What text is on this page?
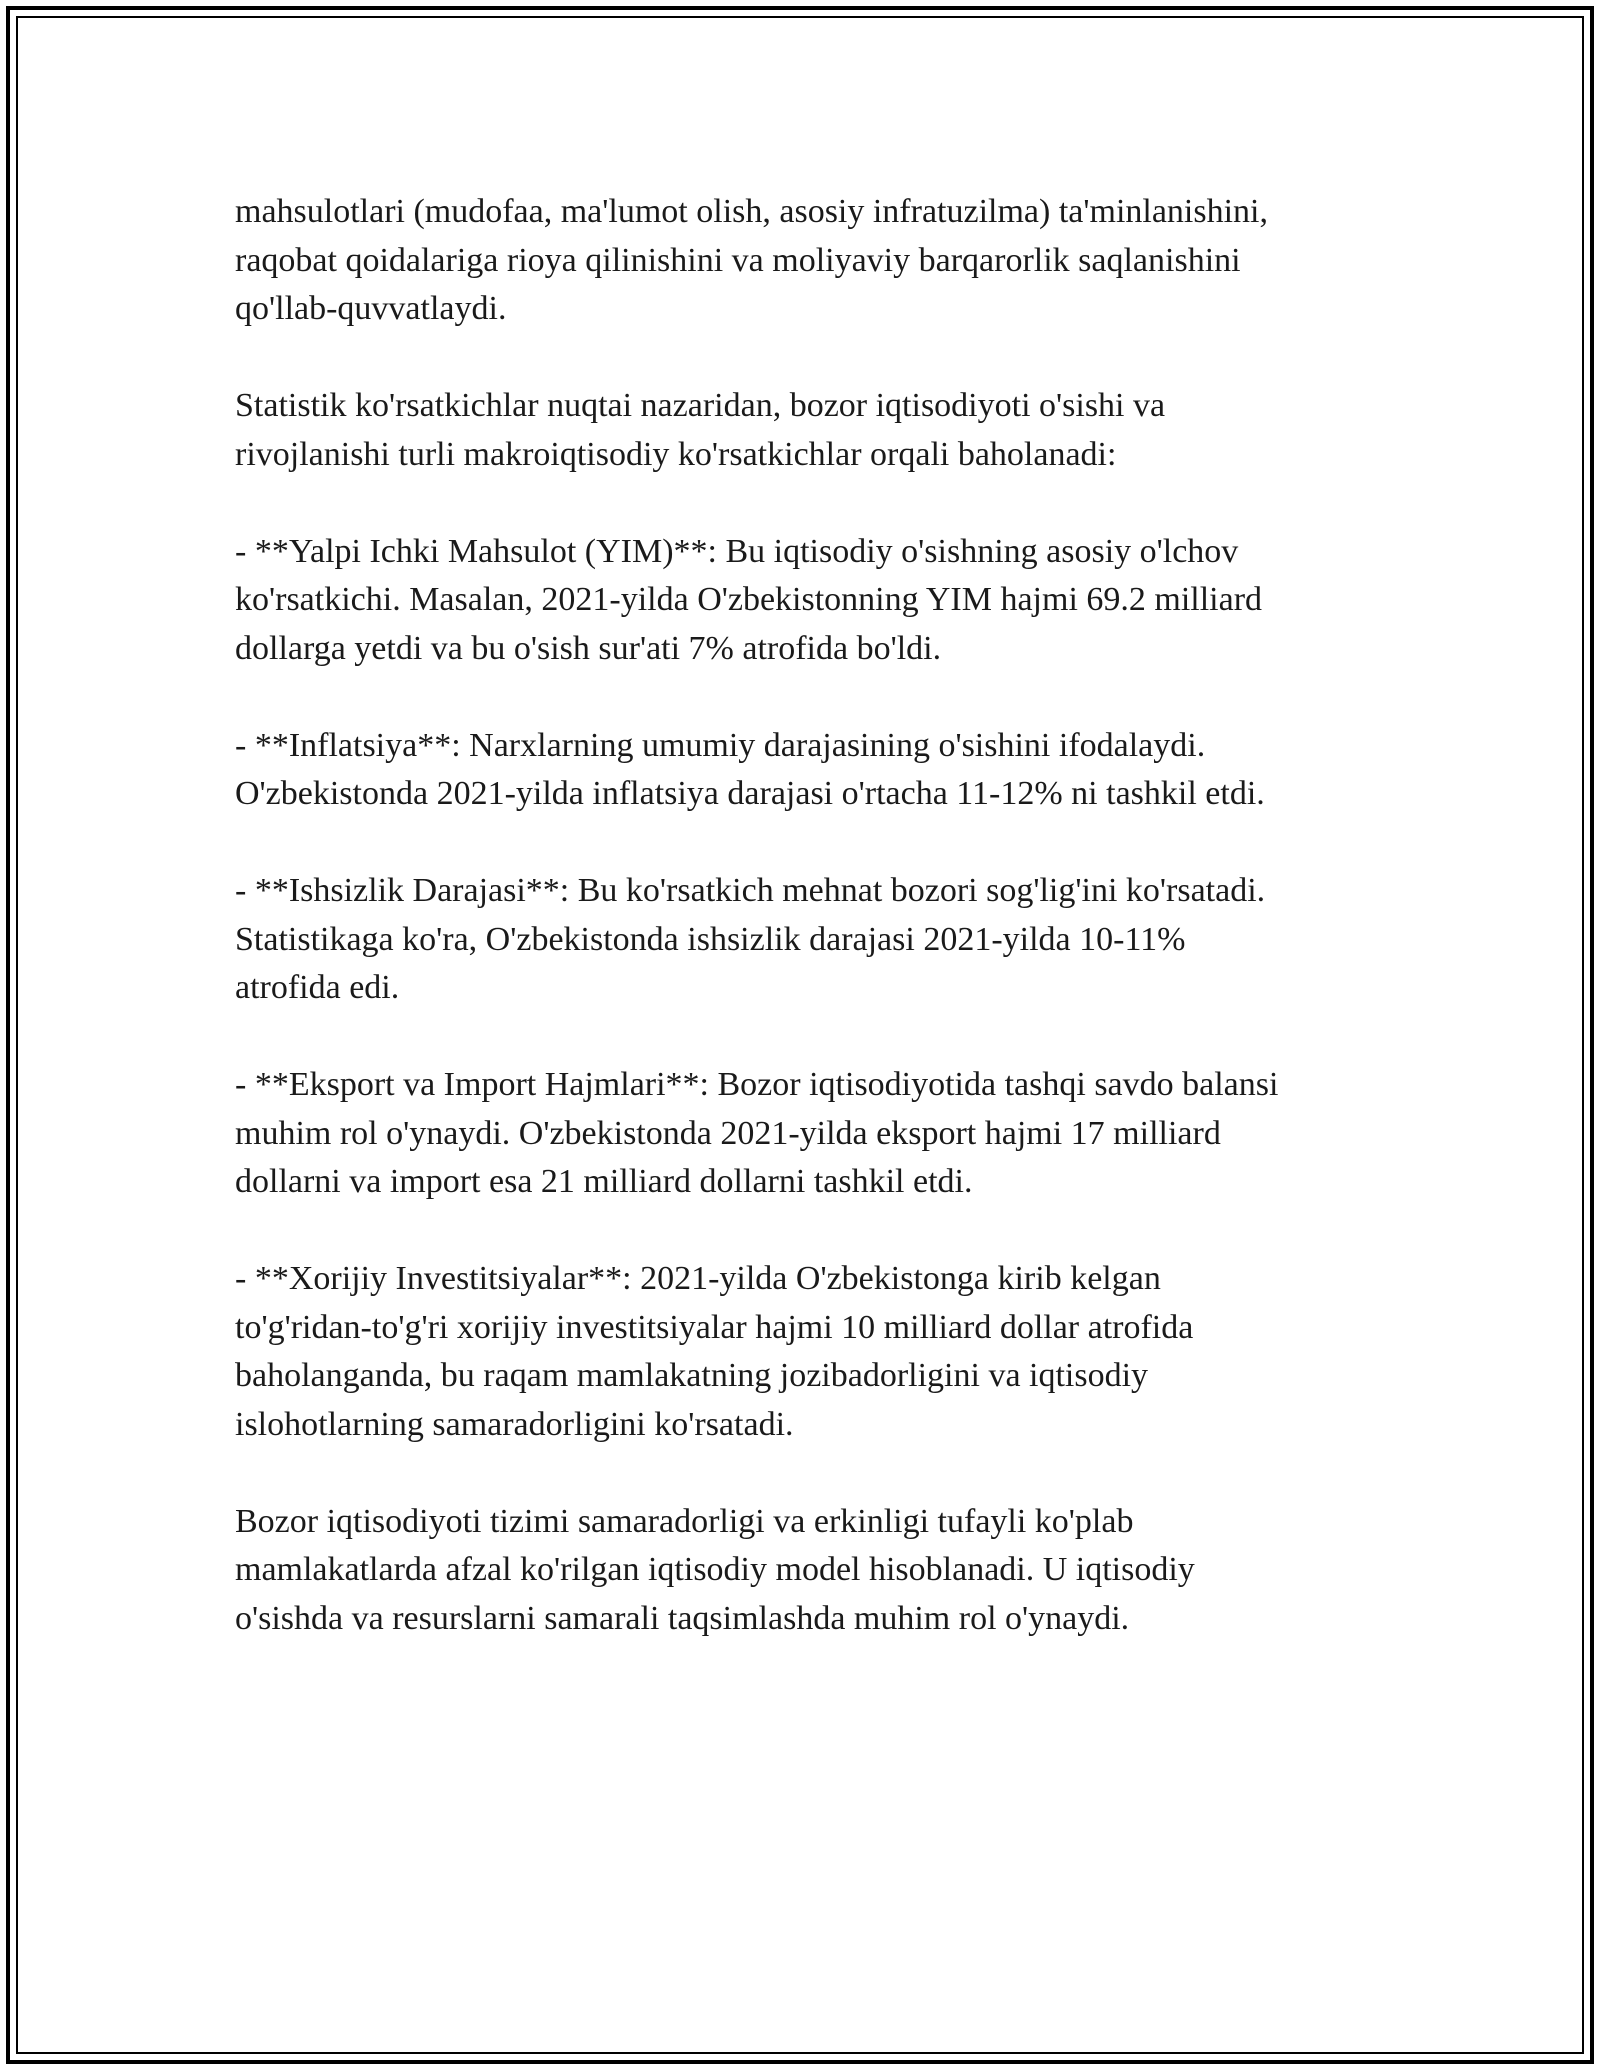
mahsulotlari (mudofaa, ma'lumot olish, asosiy infratuzilma) ta'minlanishini,
raqobat qoidalariga rioya qilinishini va moliyaviy barqarorlik saqlanishini
qo'llab-quvvatlaydi.

Statistik ko'rsatkichlar nuqtai nazaridan, bozor iqtisodiyoti o'sishi va
rivojlanishi turli makroiqtisodiy ko'rsatkichlar orqali baholanadi:

- **Yalpi Ichki Mahsulot (YIM)**: Bu iqtisodiy o'sishning asosiy o'lchov
ko'rsatkichi. Masalan, 2021-yilda O'zbekistonning YIM hajmi 69.2 milliard
dollarga yetdi va bu o'sish sur'ati 7% atrofida bo'ldi.

- **Inflatsiya**: Narxlarning umumiy darajasining o'sishini ifodalaydi.
O'zbekistonda 2021-yilda inflatsiya darajasi o'rtacha 11-12% ni tashkil etdi.

- **Ishsizlik Darajasi**: Bu ko'rsatkich mehnat bozori sog'lig'ini ko'rsatadi.
Statistikaga ko'ra, O'zbekistonda ishsizlik darajasi 2021-yilda 10-11%
atrofida edi.

- **Eksport va Import Hajmlari**: Bozor iqtisodiyotida tashqi savdo balansi
muhim rol o'ynaydi. O'zbekistonda 2021-yilda eksport hajmi 17 milliard
dollarni va import esa 21 milliard dollarni tashkil etdi.

- **Xorijiy Investitsiyalar**: 2021-yilda O'zbekistonga kirib kelgan
to'g'ridan-to'g'ri xorijiy investitsiyalar hajmi 10 milliard dollar atrofida
baholanganda, bu raqam mamlakatning jozibadorligini va iqtisodiy
islohotlarning samaradorligini ko'rsatadi.

Bozor iqtisodiyoti tizimi samaradorligi va erkinligi tufayli ko'plab
mamlakatlarda afzal ko'rilgan iqtisodiy model hisoblanadi. U iqtisodiy
o'sishda va resurslarni samarali taqsimlashda muhim rol o'ynaydi.
